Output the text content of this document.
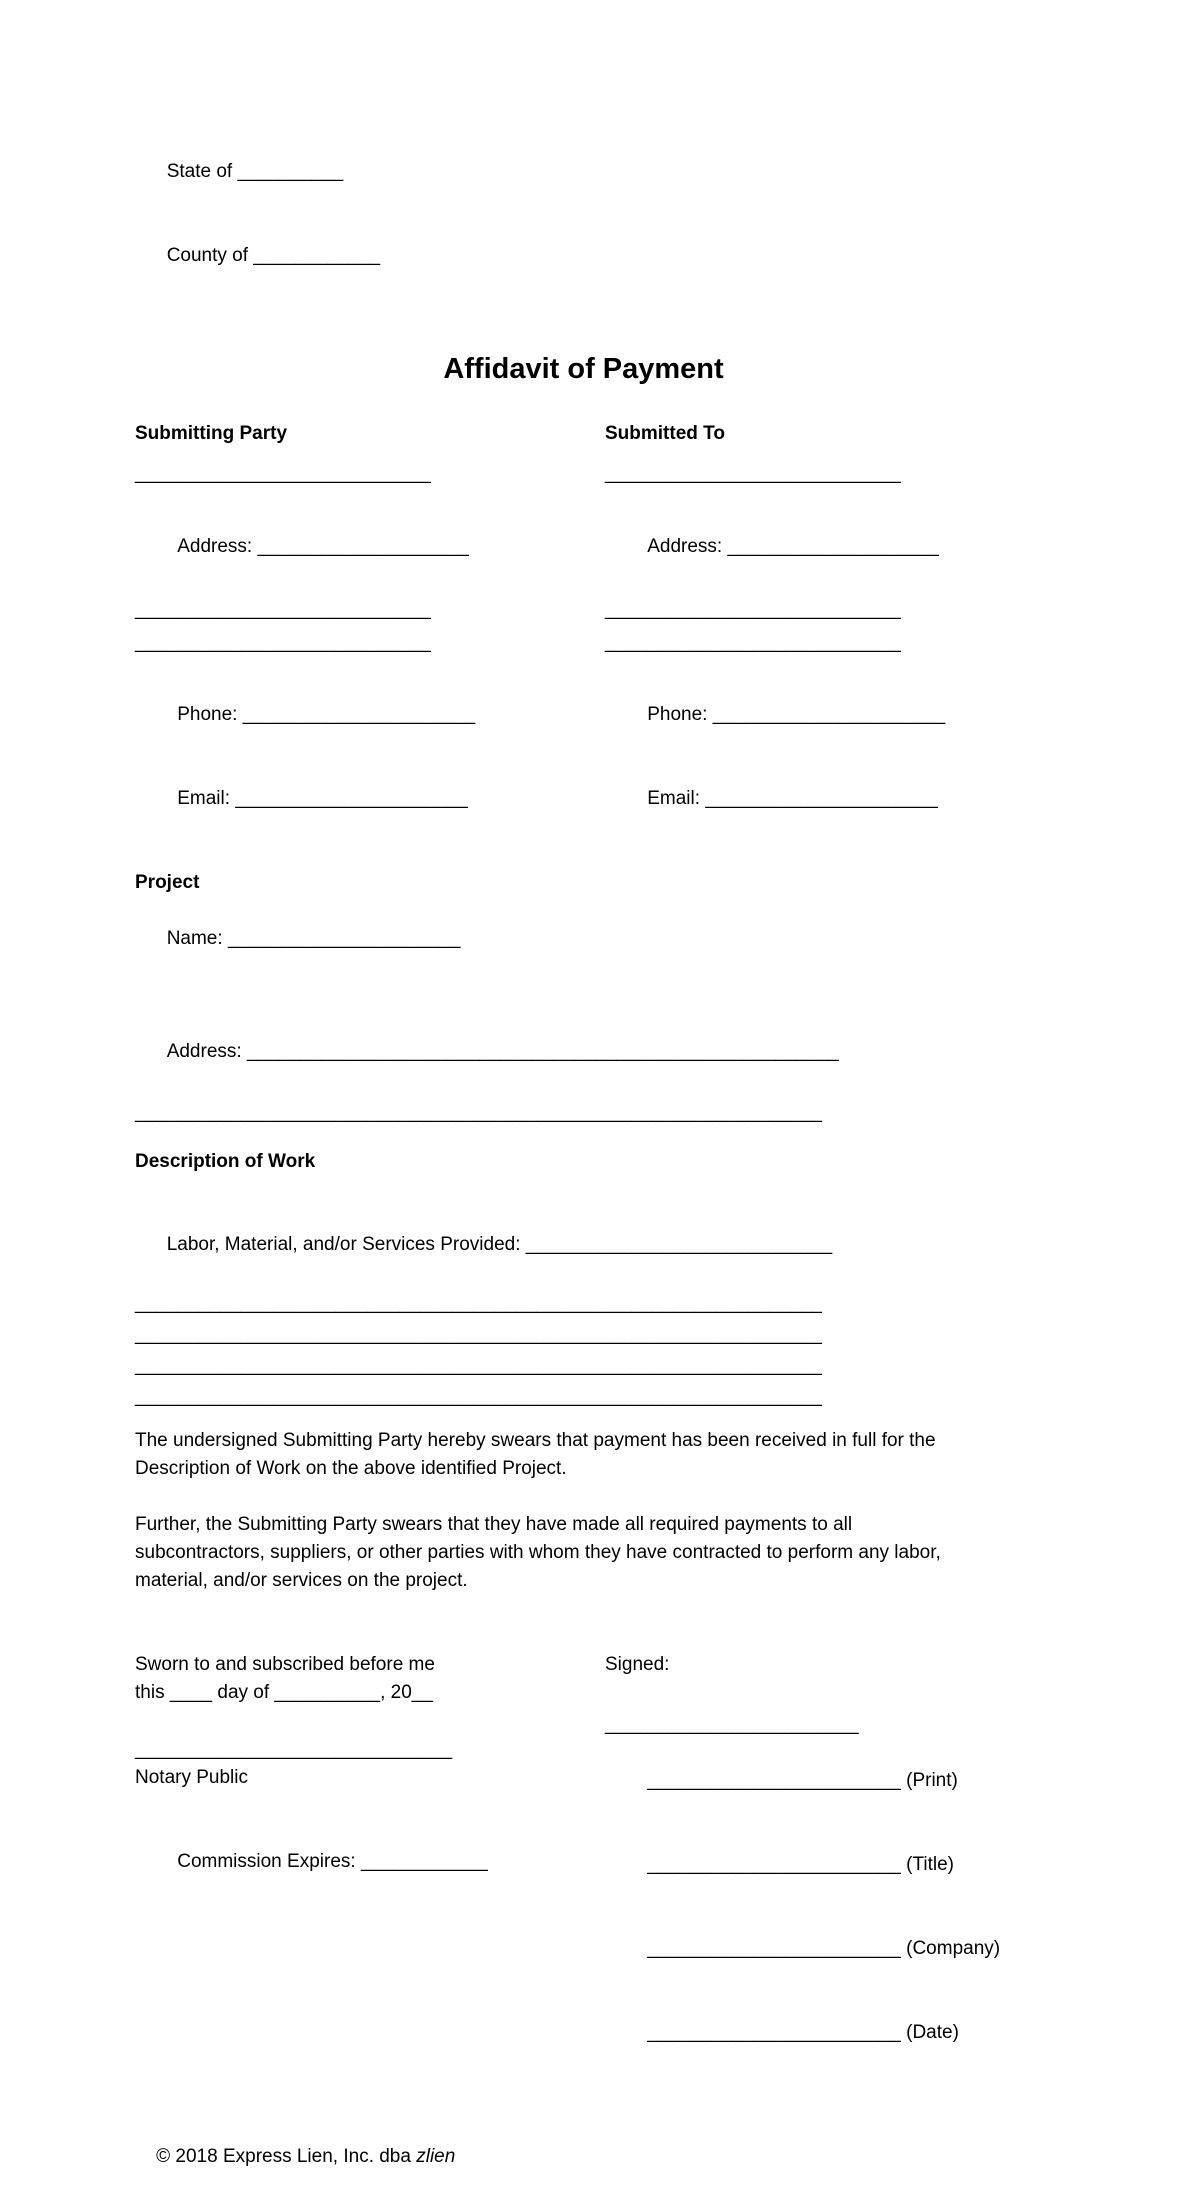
State of __________

County of ____________

Affidavit of Payment
Submitting Party
____________________________

Address: ____________________

____________________________
____________________________

Phone: ______________________

Email: ______________________

Submitted To
____________________________

Address: ____________________

____________________________
____________________________

Phone: ______________________

Email: ______________________

Project

Name: ______________________

Address: ________________________________________________________

_________________________________________________________________
Description of Work

Labor, Material, and/or Services Provided: _____________________________

_________________________________________________________________
_________________________________________________________________
_________________________________________________________________
_________________________________________________________________
The undersigned Submitting Party hereby swears that payment has been received in full for the Description of Work on the above identified Project.
Further, the Submitting Party swears that they have made all required payments to all subcontractors, suppliers, or other parties with whom they have contracted to perform any labor, material, and/or services on the project.
Sworn to and subscribed before me
this ____ day of __________, 20__
______________________________
Notary Public

Commission Expires: ____________

Signed:
________________________

________________________ (Print)

________________________ (Title)

________________________ (Company)

________________________ (Date)

© 2018 Express Lien, Inc. dba zlien
